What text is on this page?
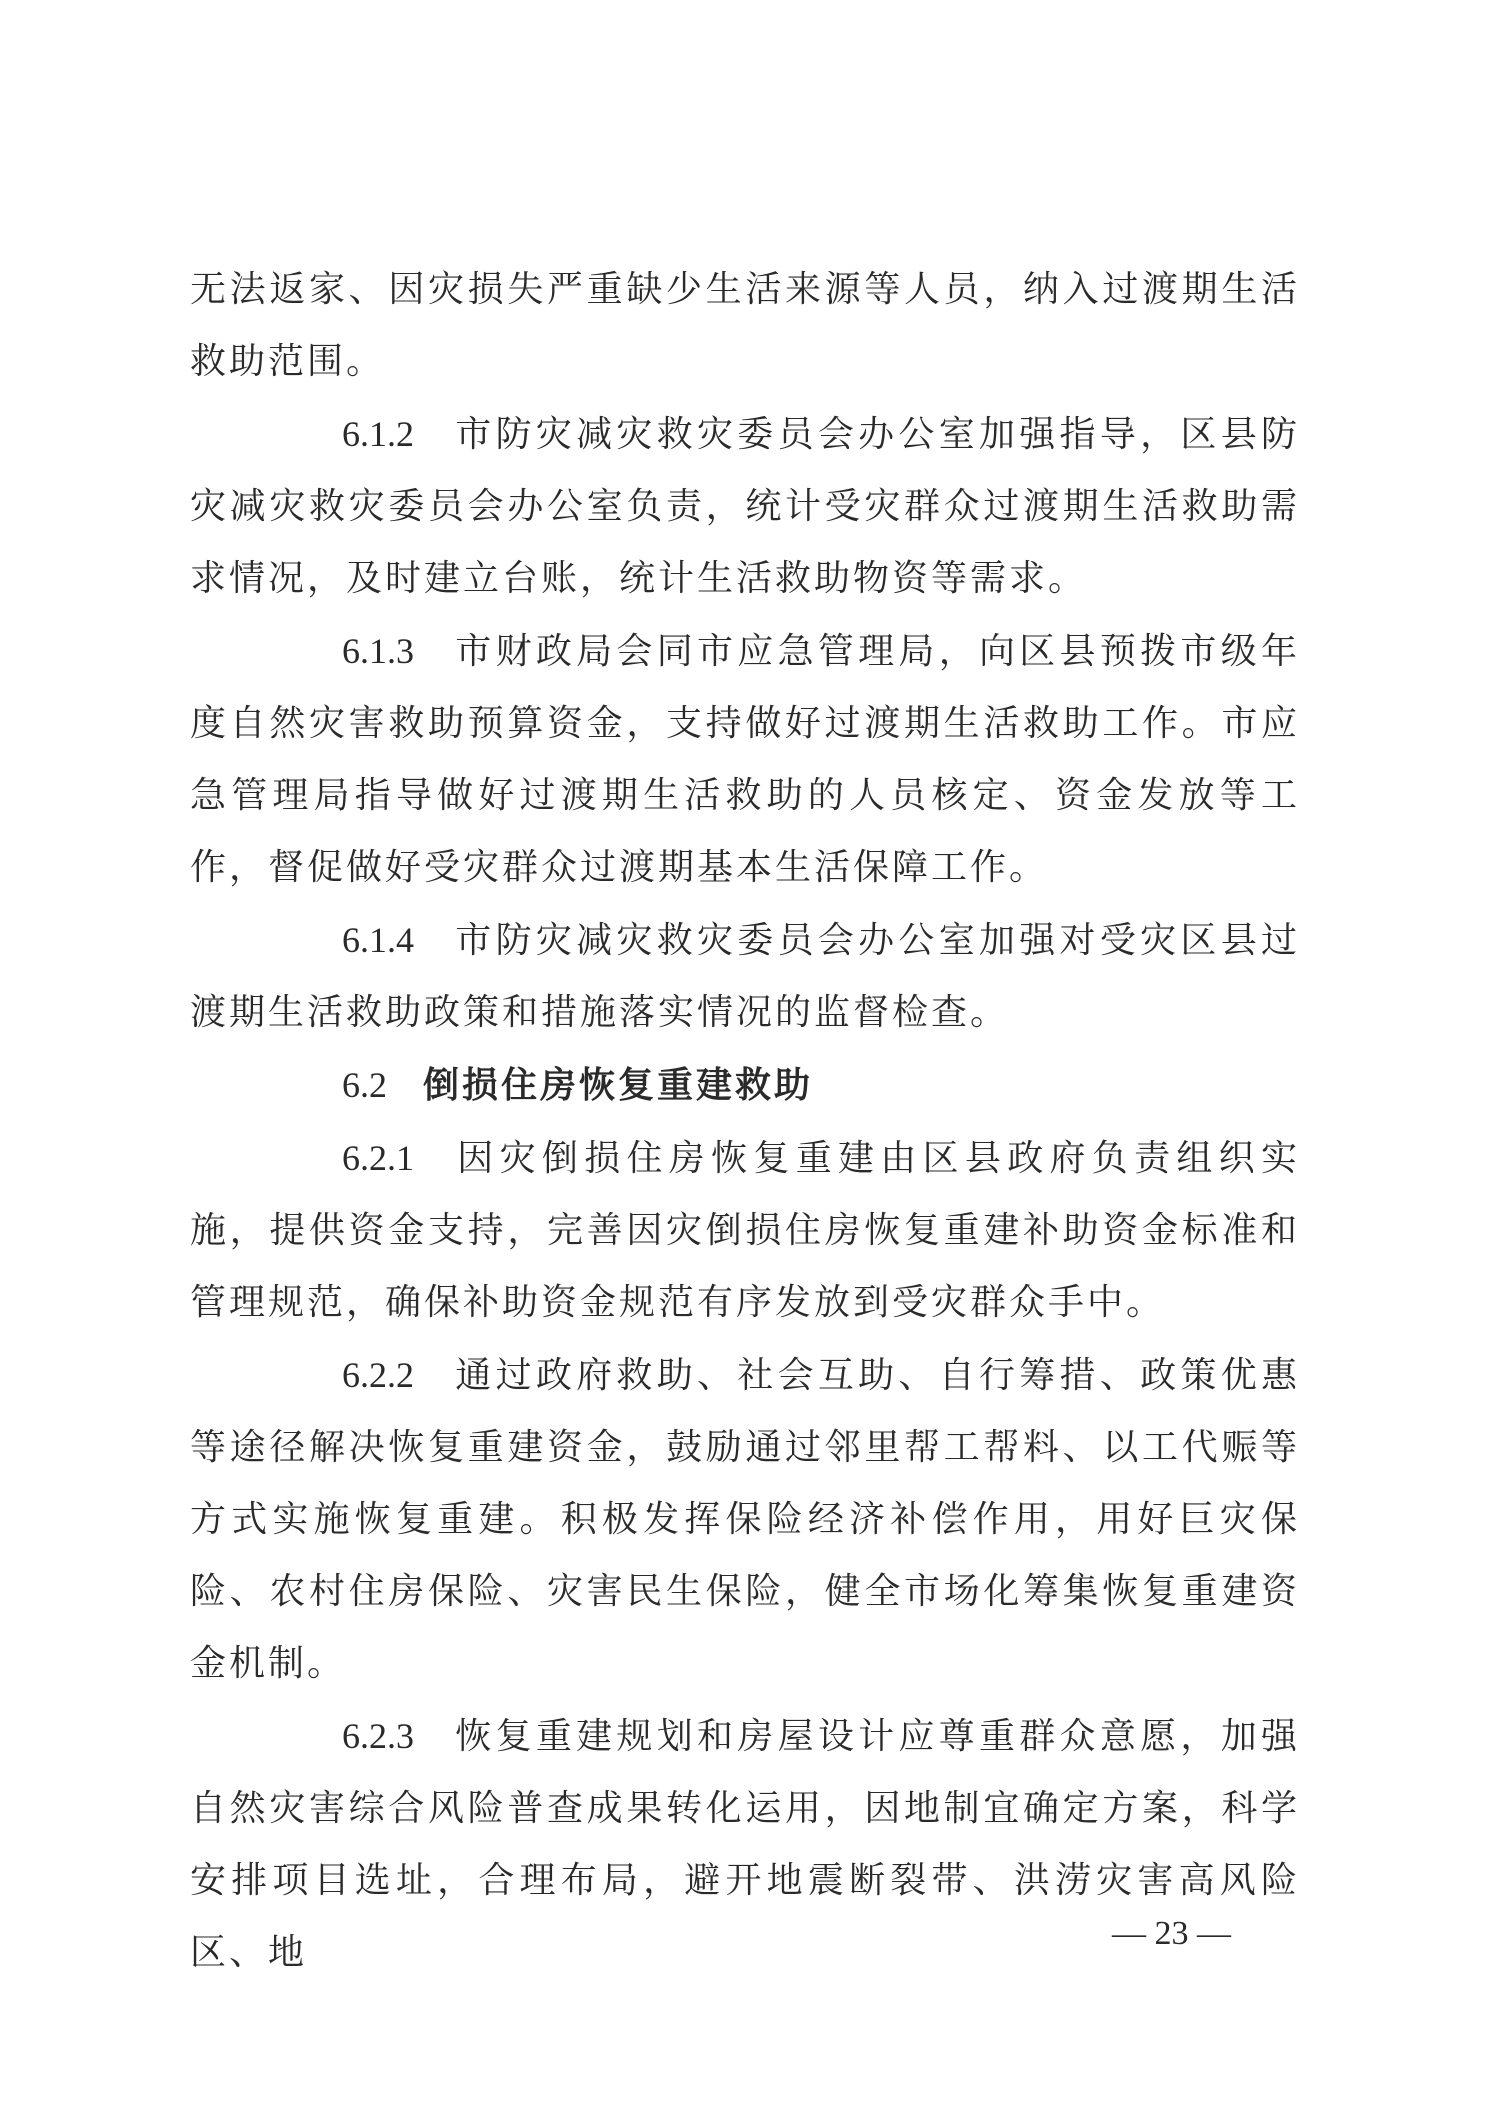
无法返家、因灾损失严重缺少生活来源等人员，纳入过渡期生活救助范围。

6.1.2 市防灾减灾救灾委员会办公室加强指导，区县防灾减灾救灾委员会办公室负责，统计受灾群众过渡期生活救助需求情况，及时建立台账，统计生活救助物资等需求。

6.1.3 市财政局会同市应急管理局，向区县预拨市级年度自然灾害救助预算资金，支持做好过渡期生活救助工作。市应急管理局指导做好过渡期生活救助的人员核定、资金发放等工作，督促做好受灾群众过渡期基本生活保障工作。

6.1.4 市防灾减灾救灾委员会办公室加强对受灾区县过渡期生活救助政策和措施落实情况的监督检查。

6.2 倒损住房恢复重建救助

6.2.1 因灾倒损住房恢复重建由区县政府负责组织实施，提供资金支持，完善因灾倒损住房恢复重建补助资金标准和管理规范，确保补助资金规范有序发放到受灾群众手中。

6.2.2 通过政府救助、社会互助、自行筹措、政策优惠等途径解决恢复重建资金，鼓励通过邻里帮工帮料、以工代赈等方式实施恢复重建。积极发挥保险经济补偿作用，用好巨灾保险、农村住房保险、灾害民生保险，健全市场化筹集恢复重建资金机制。

6.2.3 恢复重建规划和房屋设计应尊重群众意愿，加强自然灾害综合风险普查成果转化运用，因地制宜确定方案，科学安排项目选址，合理布局，避开地震断裂带、洪涝灾害高风险区、地	— 23 —
